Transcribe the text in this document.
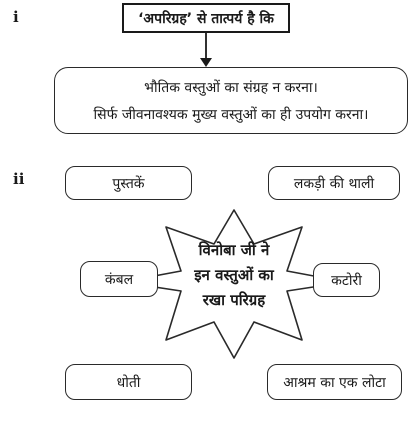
i	‘अपरिग्रह’ से तात्पर्य है कि
भौतिक वस्तुओं का संग्रह न करना।
सिर्फ जीवनावश्यक मुख्य वस्तुओं का ही उपयोग करना।
ii
विनोबा जी ने
इन वस्तुओं का
रखा परिग्रह
पुस्तकें	लकड़ी की थाली
कंबल	कटोरी
धोती	आश्रम का एक लोटा
